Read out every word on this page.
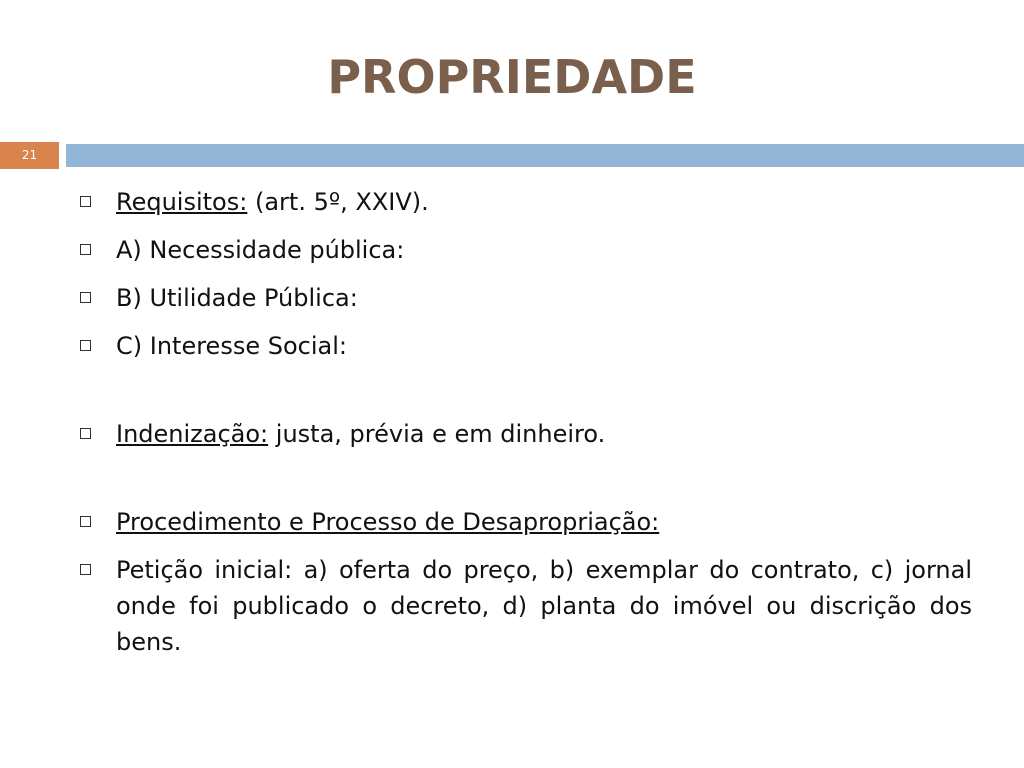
PROPRIEDADE
21
Requisitos: (art. 5º, XXIV).
A) Necessidade pública:
B) Utilidade Pública:
C) Interesse Social:
Indenização: justa, prévia e em dinheiro.
Procedimento e Processo de Desapropriação:
Petição inicial: a) oferta do preço, b) exemplar do contrato, c) jornal onde foi publicado o decreto, d) planta do imóvel ou discrição dos bens.
